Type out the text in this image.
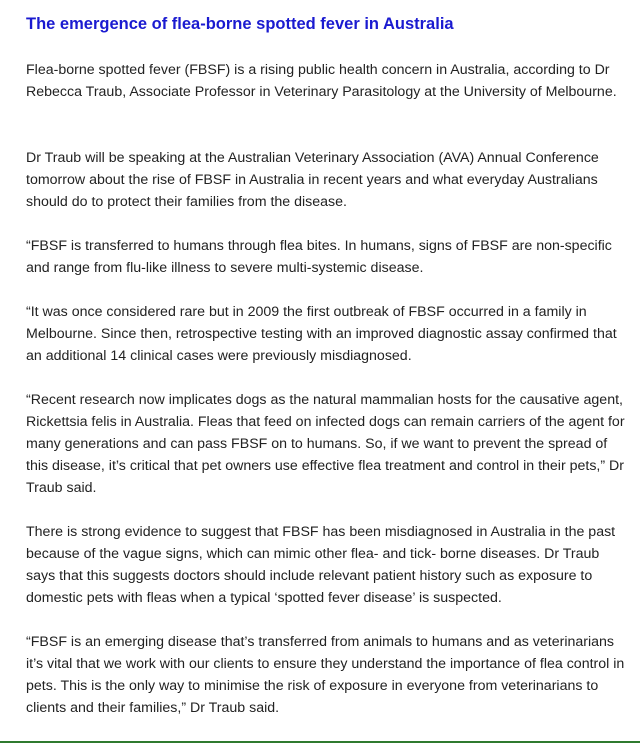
The emergence of flea-borne spotted fever in Australia

Flea-borne spotted fever (FBSF) is a rising public health concern in Australia, according to Dr Rebecca Traub, Associate Professor in Veterinary Parasitology at the University of Melbourne.

Dr Traub will be speaking at the Australian Veterinary Association (AVA) Annual Conference tomorrow about the rise of FBSF in Australia in recent years and what everyday Australians should do to protect their families from the disease.

“FBSF is transferred to humans through flea bites. In humans, signs of FBSF are non-specific and range from flu-like illness to severe multi-systemic disease.

“It was once considered rare but in 2009 the first outbreak of FBSF occurred in a family in Melbourne. Since then, retrospective testing with an improved diagnostic assay confirmed that an additional 14 clinical cases were previously misdiagnosed.

“Recent research now implicates dogs as the natural mammalian hosts for the causative agent, Rickettsia felis in Australia. Fleas that feed on infected dogs can remain carriers of the agent for many generations and can pass FBSF on to humans. So, if we want to prevent the spread of this disease, it’s critical that pet owners use effective flea treatment and control in their pets,” Dr Traub said.

There is strong evidence to suggest that FBSF has been misdiagnosed in Australia in the past because of the vague signs, which can mimic other flea- and tick- borne diseases. Dr Traub says that this suggests doctors should include relevant patient history such as exposure to domestic pets with fleas when a typical ‘spotted fever disease’ is suspected.

“FBSF is an emerging disease that’s transferred from animals to humans and as veterinarians it’s vital that we work with our clients to ensure they understand the importance of flea control in pets. This is the only way to minimise the risk of exposure in everyone from veterinarians to clients and their families,” Dr Traub said.
